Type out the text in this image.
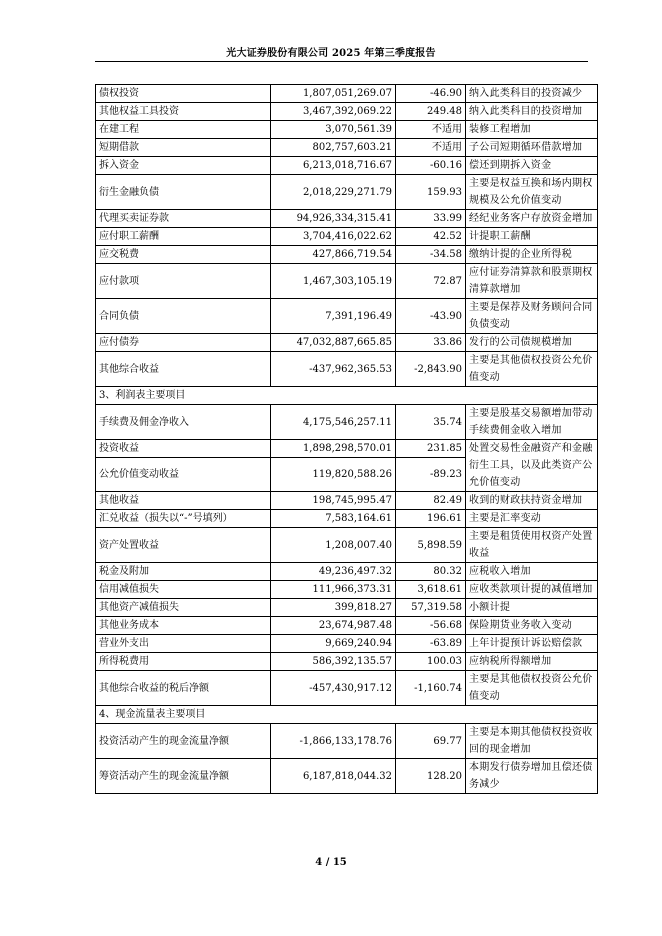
光大证券股份有限公司 2025 年第三季度报告
债权投资	1,807,051,269.07	-46.90	纳入此类科目的投资减少
其他权益工具投资	3,467,392,069.22	249.48	纳入此类科目的投资增加
在建工程	3,070,561.39	不适用	装修工程增加
短期借款	802,757,603.21	不适用	子公司短期循环借款增加
拆入资金	6,213,018,716.67	-60.16	偿还到期拆入资金
衍生金融负债	2,018,229,271.79	159.93	主要是权益互换和场内期权规模及公允价值变动
代理买卖证券款	94,926,334,315.41	33.99	经纪业务客户存放资金增加
应付职工薪酬	3,704,416,022.62	42.52	计提职工薪酬
应交税费	427,866,719.54	-34.58	缴纳计提的企业所得税
应付款项	1,467,303,105.19	72.87	应付证券清算款和股票期权清算款增加
合同负债	7,391,196.49	-43.90	主要是保荐及财务顾问合同负债变动
应付债券	47,032,887,665.85	33.86	发行的公司债规模增加
其他综合收益	-437,962,365.53	-2,843.90	主要是其他债权投资公允价值变动
3、利润表主要项目			
手续费及佣金净收入	4,175,546,257.11	35.74	主要是股基交易额增加带动手续费佣金收入增加
投资收益	1,898,298,570.01	231.85	处置交易性金融资产和金融衍生工具，以及此类资产公允价值变动
公允价值变动收益	119,820,588.26	-89.23	
其他收益	198,745,995.47	82.49	收到的财政扶持资金增加
汇兑收益（损失以“-”号填列）	7,583,164.61	196.61	主要是汇率变动
资产处置收益	1,208,007.40	5,898.59	主要是租赁使用权资产处置收益
税金及附加	49,236,497.32	80.32	应税收入增加
信用减值损失	111,966,373.31	3,618.61	应收类款项计提的减值增加
其他资产减值损失	399,818.27	57,319.58	小额计提
其他业务成本	23,674,987.48	-56.68	保险期货业务收入变动
营业外支出	9,669,240.94	-63.89	上年计提预计诉讼赔偿款
所得税费用	586,392,135.57	100.03	应纳税所得额增加
其他综合收益的税后净额	-457,430,917.12	-1,160.74	主要是其他债权投资公允价值变动
4、现金流量表主要项目			
投资活动产生的现金流量净额	-1,866,133,178.76	69.77	主要是本期其他债权投资收回的现金增加
筹资活动产生的现金流量净额	6,187,818,044.32	128.20	本期发行债券增加且偿还债务减少
4 / 15
